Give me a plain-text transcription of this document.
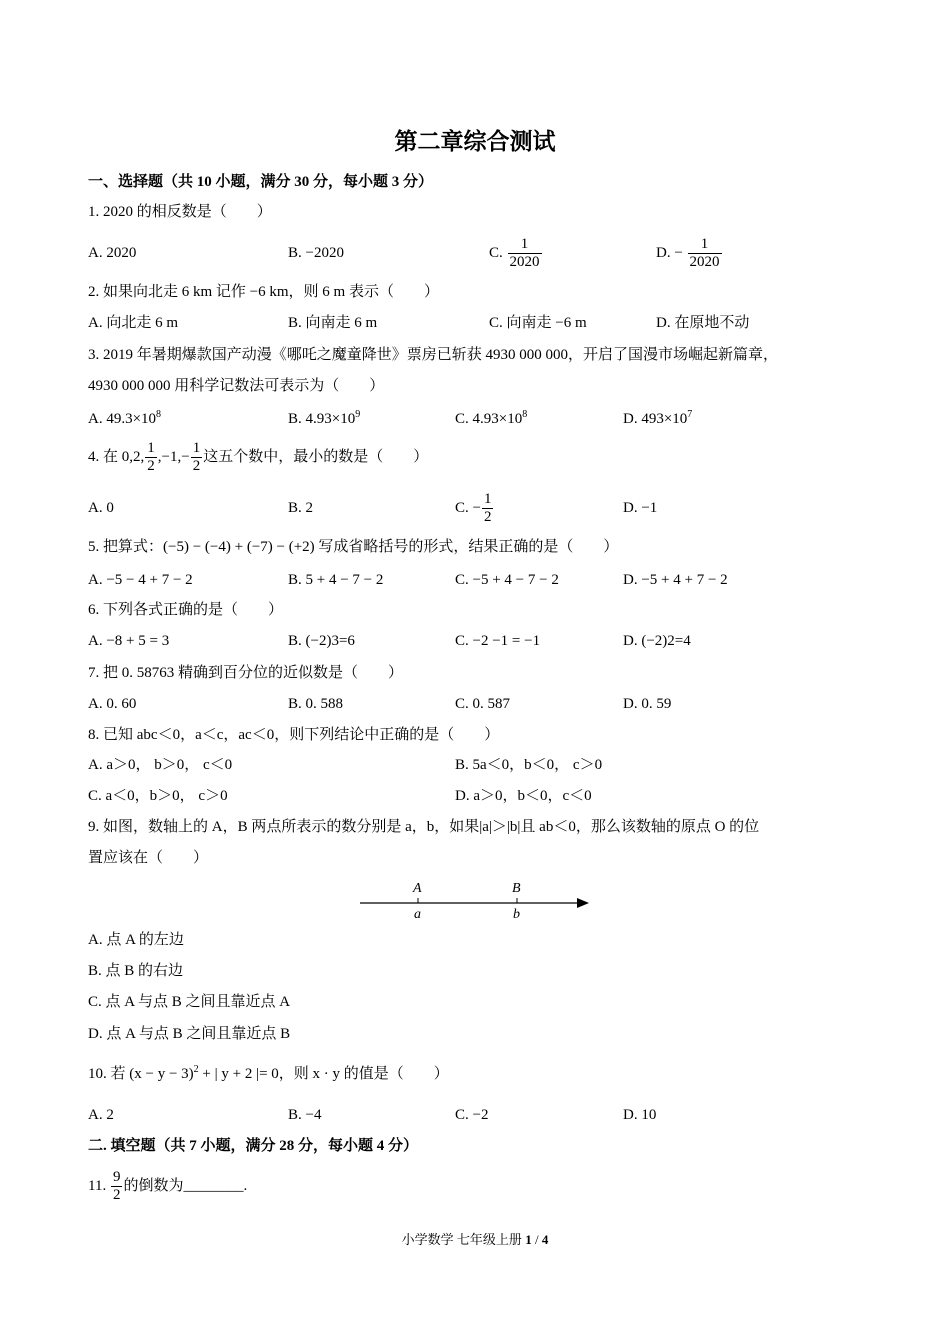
第二章综合测试
一、选择题（共 10 小题，满分 30 分，每小题 3 分）
1. 2020 的相反数是（　　）
A. 2020	B. −2020	C. $\frac{1}{2020}$	D. − $\frac{1}{2020}$
2. 如果向北走 6 km 记作 −6 km，则 6 m 表示（　　）
A. 向北走 6 m	B. 向南走 6 m	C. 向南走 −6 m	D. 在原地不动
3. 2019 年暑期爆款国产动漫《哪吒之魔童降世》票房已斩获 4930 000 000，开启了国漫市场崛起新篇章，
4930 000 000 用科学记数法可表示为（　　）
A. $49.3\times 10^8$	B. $4.93\times 10^9$	C. $4.93\times 10^8$	D. $493\times 10^7$
4. 在 0,2, $\frac{1}{2} ,-1,- \frac{1}{2}$ 这五个数中，最小的数是（　　）
A. 0	B. 2	C. − $\frac{1}{2}$	D. −1
5. 把算式：(−5) − (−4) + (−7) − (+2) 写成省略括号的形式，结果正确的是（　　）
A. −5 − 4 + 7 − 2	B. 5 + 4 − 7 − 2	C. −5 + 4 − 7 − 2	D. −5 + 4 + 7 − 2
6. 下列各式正确的是（　　）
A. −8 + 5 = 3	B. (−2)3=6	C. −2 −1 = −1	D. (−2)2=4
7. 把 0. 58763 精确到百分位的近似数是（　　）
A. 0. 60	B. 0. 588	C. 0. 587	D. 0. 59
8. 已知 abc＜0，a＜c，ac＜0，则下列结论中正确的是（　　）
A. a＞0， b＞0， c＜0	B. 5a＜0，b＜0， c＞0
C. a＜0，b＞0， c＞0	D. a＞0，b＜0，c＜0
9. 如图，数轴上的 A，B 两点所表示的数分别是 a，b，如果|a|＞|b|且 ab＜0，那么该数轴的原点 O 的位
置应该在（　　）
A	B
a	b
A. 点 A 的左边
B. 点 B 的右边
C. 点 A 与点 B 之间且靠近点 A
D. 点 A 与点 B 之间且靠近点 B
10. 若 $(x - y - 3)^2$ + | y + 2 |= 0，则 x · y 的值是（　　）
A. 2	B. −4	C. −2	D. 10
二. 填空题（共 7 小题，满分 28 分，每小题 4 分）
11. $\frac{9}{2}$ 的倒数为________.
小学数学 七年级上册 1 / 4
